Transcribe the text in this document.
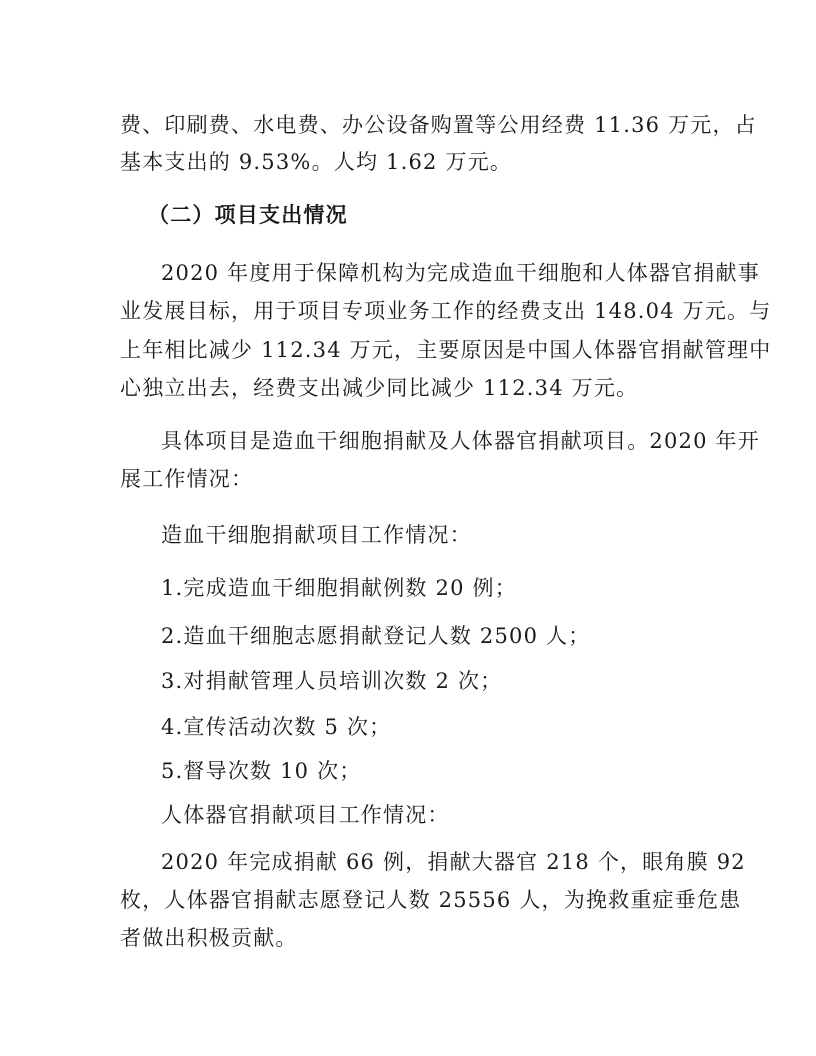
费、印刷费、水电费、办公设备购置等公用经费 11.36 万元，占
基本支出的 9.53%。人均 1.62 万元。
（二）项目支出情况
2020 年度用于保障机构为完成造血干细胞和人体器官捐献事
业发展目标，用于项目专项业务工作的经费支出 148.04 万元。与
上年相比减少 112.34 万元，主要原因是中国人体器官捐献管理中
心独立出去，经费支出减少同比减少 112.34 万元。
具体项目是造血干细胞捐献及人体器官捐献项目。2020 年开
展工作情况：
造血干细胞捐献项目工作情况：
1.完成造血干细胞捐献例数 20 例；
2.造血干细胞志愿捐献登记人数 2500 人；
3.对捐献管理人员培训次数 2 次；
4.宣传活动次数 5 次；
5.督导次数 10 次；
人体器官捐献项目工作情况：
2020 年完成捐献 66 例，捐献大器官 218 个，眼角膜 92
枚，人体器官捐献志愿登记人数 25556 人，为挽救重症垂危患
者做出积极贡献。
